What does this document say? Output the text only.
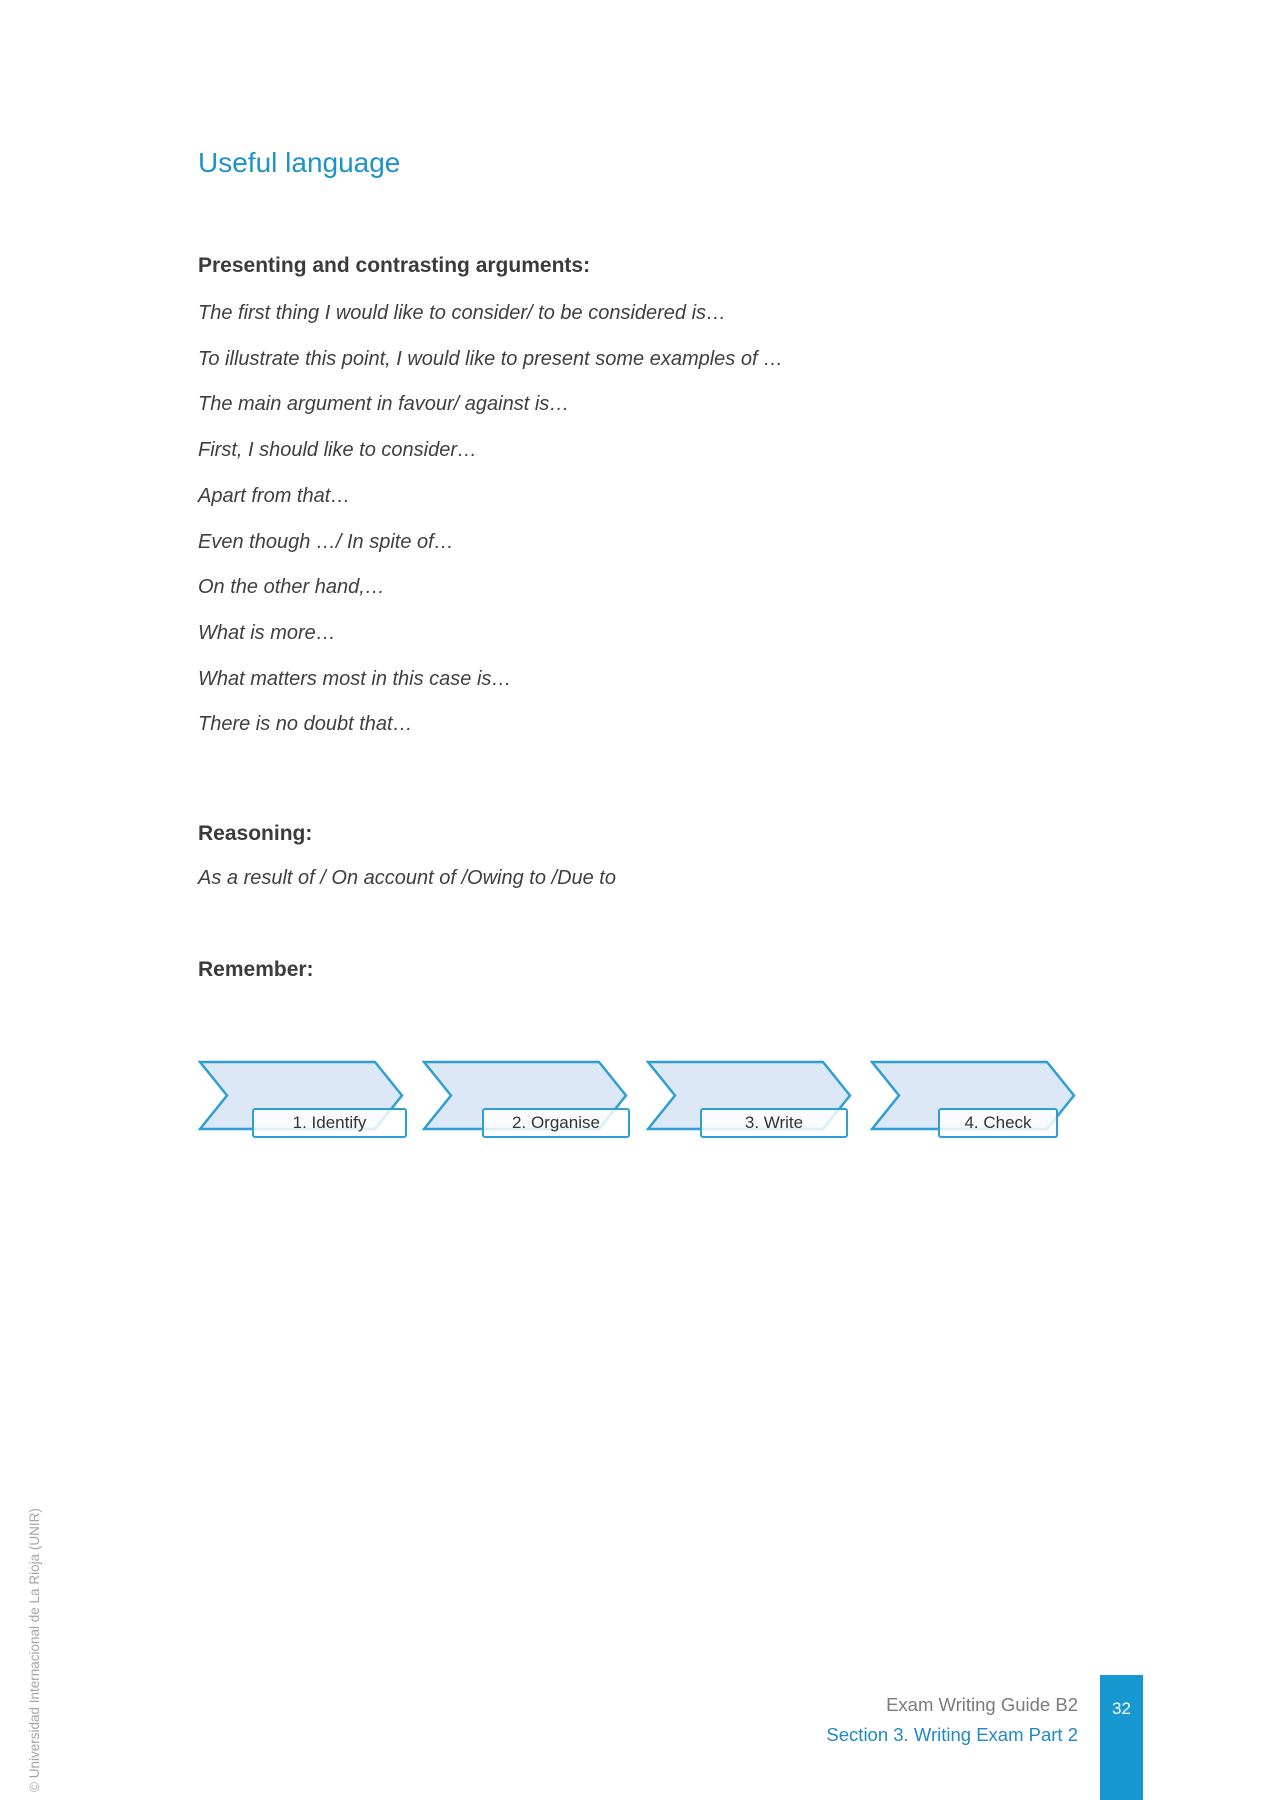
Useful language
Presenting and contrasting arguments:
The first thing I would like to consider/ to be considered is…
To illustrate this point, I would like to present some examples of …
The main argument in favour/ against is…
First, I should like to consider…
Apart from that…
Even though …/ In spite of…
On the other hand,…
What is more…
What matters most in this case is…
There is no doubt that…
Reasoning:
As a result of / On account of /Owing to /Due to
Remember:
1. Identify	2. Organise	3. Write	4. Check
Exam Writing Guide B2
Section 3. Writing Exam Part 2
32
© Universidad Internacional de La Rioja (UNIR)
